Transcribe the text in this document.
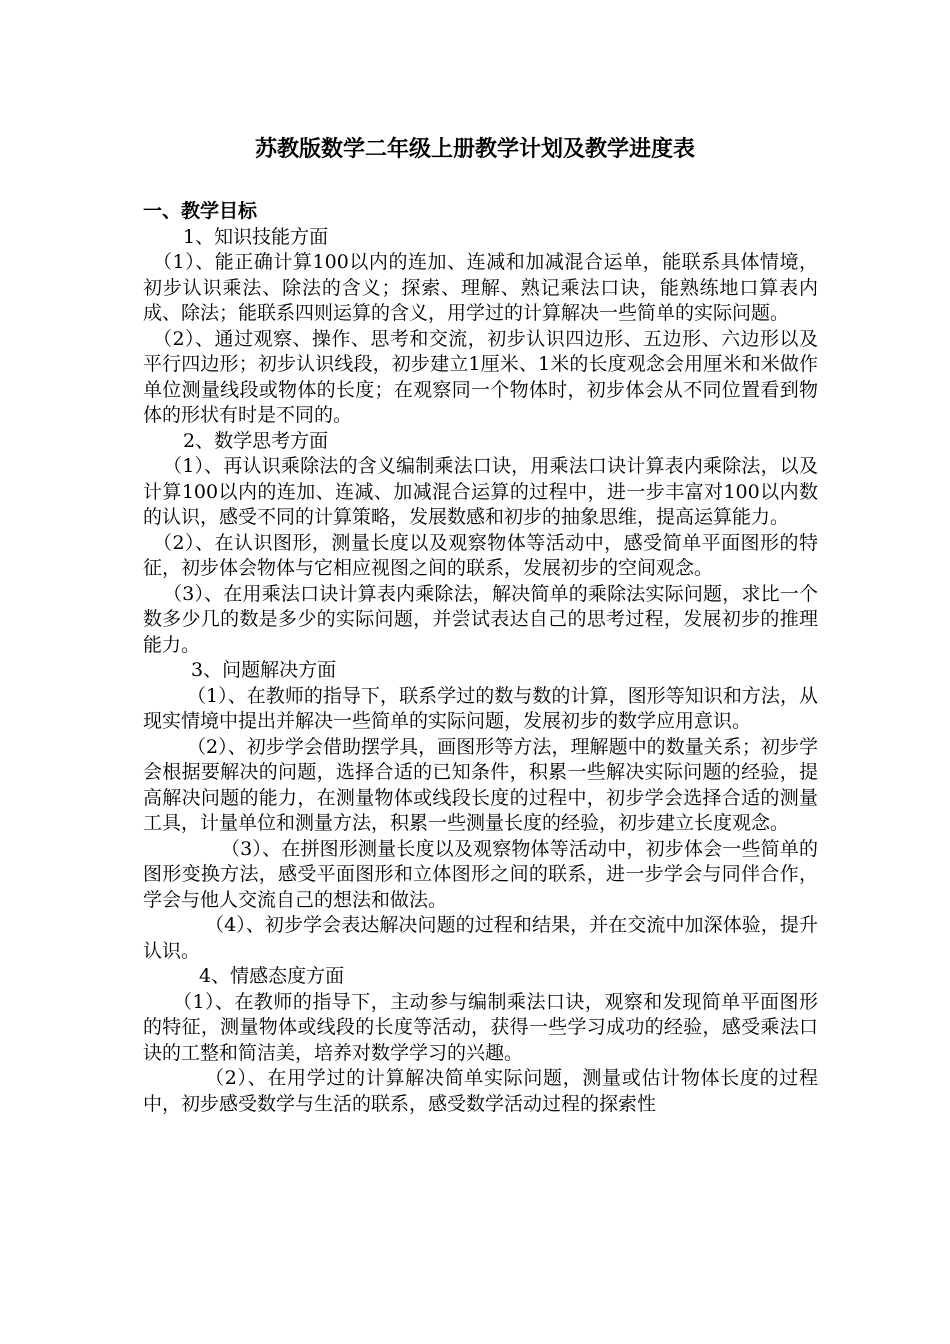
苏教版数学二年级上册教学计划及教学进度表

一、教学目标

1、知识技能方面

（1）、能正确计算100以内的连加、连减和加减混合运单，能联系具体情境，初步认识乘法、除法的含义；探索、理解、熟记乘法口诀，能熟练地口算表内成、除法；能联系四则运算的含义，用学过的计算解决一些简单的实际问题。

（2）、通过观察、操作、思考和交流，初步认识四边形、五边形、六边形以及平行四边形；初步认识线段，初步建立1厘米、1米的长度观念会用厘米和米做作单位测量线段或物体的长度；在观察同一个物体时，初步体会从不同位置看到物体的形状有时是不同的。

2、数学思考方面

（1）、再认识乘除法的含义编制乘法口诀，用乘法口诀计算表内乘除法，以及计算100以内的连加、连减、加减混合运算的过程中，进一步丰富对100以内数的认识，感受不同的计算策略，发展数感和初步的抽象思维，提高运算能力。

（2）、在认识图形，测量长度以及观察物体等活动中，感受简单平面图形的特征，初步体会物体与它相应视图之间的联系，发展初步的空间观念。

（3）、在用乘法口诀计算表内乘除法，解决简单的乘除法实际问题，求比一个数多少几的数是多少的实际问题，并尝试表达自己的思考过程，发展初步的推理能力。

3、问题解决方面

（1）、在教师的指导下，联系学过的数与数的计算，图形等知识和方法，从现实情境中提出并解决一些简单的实际问题，发展初步的数学应用意识。

（2）、初步学会借助摆学具，画图形等方法，理解题中的数量关系；初步学会根据要解决的问题，选择合适的已知条件，积累一些解决实际问题的经验，提高解决问题的能力，在测量物体或线段长度的过程中，初步学会选择合适的测量工具，计量单位和测量方法，积累一些测量长度的经验，初步建立长度观念。

（3）、在拼图形测量长度以及观察物体等活动中，初步体会一些简单的图形变换方法，感受平面图形和立体图形之间的联系，进一步学会与同伴合作，学会与他人交流自己的想法和做法。

（4）、初步学会表达解决问题的过程和结果，并在交流中加深体验，提升认识。

4、情感态度方面

（1）、在教师的指导下，主动参与编制乘法口诀，观察和发现简单平面图形的特征，测量物体或线段的长度等活动，获得一些学习成功的经验，感受乘法口诀的工整和简洁美，培养对数学学习的兴趣。

（2）、在用学过的计算解决简单实际问题，测量或估计物体长度的过程中，初步感受数学与生活的联系，感受数学活动过程的探索性
